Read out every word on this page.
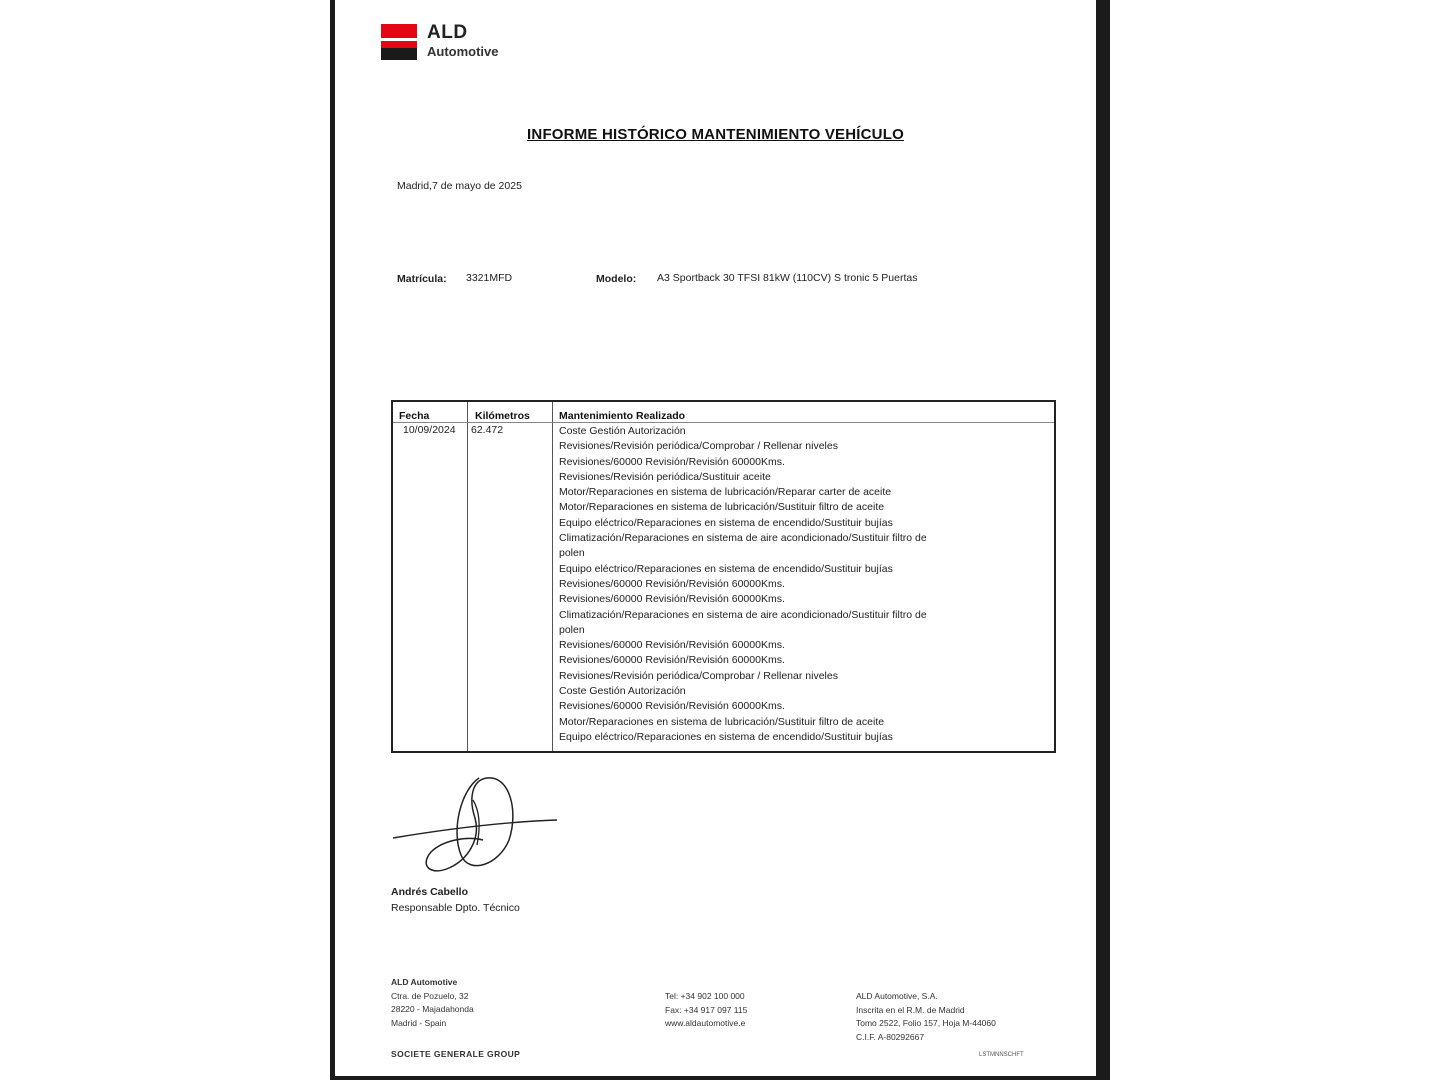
ALD
Automotive
INFORME HISTÓRICO MANTENIMIENTO VEHÍCULO
Madrid,7 de mayo de 2025
Matrícula: 3321MFD	Modelo: A3 Sportback 30 TFSI 81kW (110CV) S tronic 5 Puertas
Fecha	Kilómetros	Mantenimiento Realizado
10/09/2024 62.472	Coste Gestión Autorización
Revisiones/Revisión periódica/Comprobar / Rellenar niveles
Revisiones/60000 Revisión/Revisión 60000Kms.
Revisiones/Revisión periódica/Sustituir aceite
Motor/Reparaciones en sistema de lubricación/Reparar carter de aceite
Motor/Reparaciones en sistema de lubricación/Sustituir filtro de aceite
Equipo eléctrico/Reparaciones en sistema de encendido/Sustituir bujías
Climatización/Reparaciones en sistema de aire acondicionado/Sustituir filtro de
polen
Equipo eléctrico/Reparaciones en sistema de encendido/Sustituir bujías
Revisiones/60000 Revisión/Revisión 60000Kms.
Revisiones/60000 Revisión/Revisión 60000Kms.
Climatización/Reparaciones en sistema de aire acondicionado/Sustituir filtro de
polen
Revisiones/60000 Revisión/Revisión 60000Kms.
Revisiones/60000 Revisión/Revisión 60000Kms.
Revisiones/Revisión periódica/Comprobar / Rellenar niveles
Coste Gestión Autorización
Revisiones/60000 Revisión/Revisión 60000Kms.
Motor/Reparaciones en sistema de lubricación/Sustituir filtro de aceite
Equipo eléctrico/Reparaciones en sistema de encendido/Sustituir bujías
Andrés Cabello
Responsable Dpto. Técnico
ALD Automotive
Ctra. de Pozuelo, 32
28220 - Majadahonda
Madrid - Spain
SOCIETE GENERALE GROUP
Tel: +34 902 100 000
Fax: +34 917 097 115
www.aldautomotive.e
ALD Automotive, S.A.
Inscrita en el R.M. de Madrid
Tomo 2522, Folio 157, Hoja M-44060
C.I.F. A-80292667
LSTMNNSCHFT
